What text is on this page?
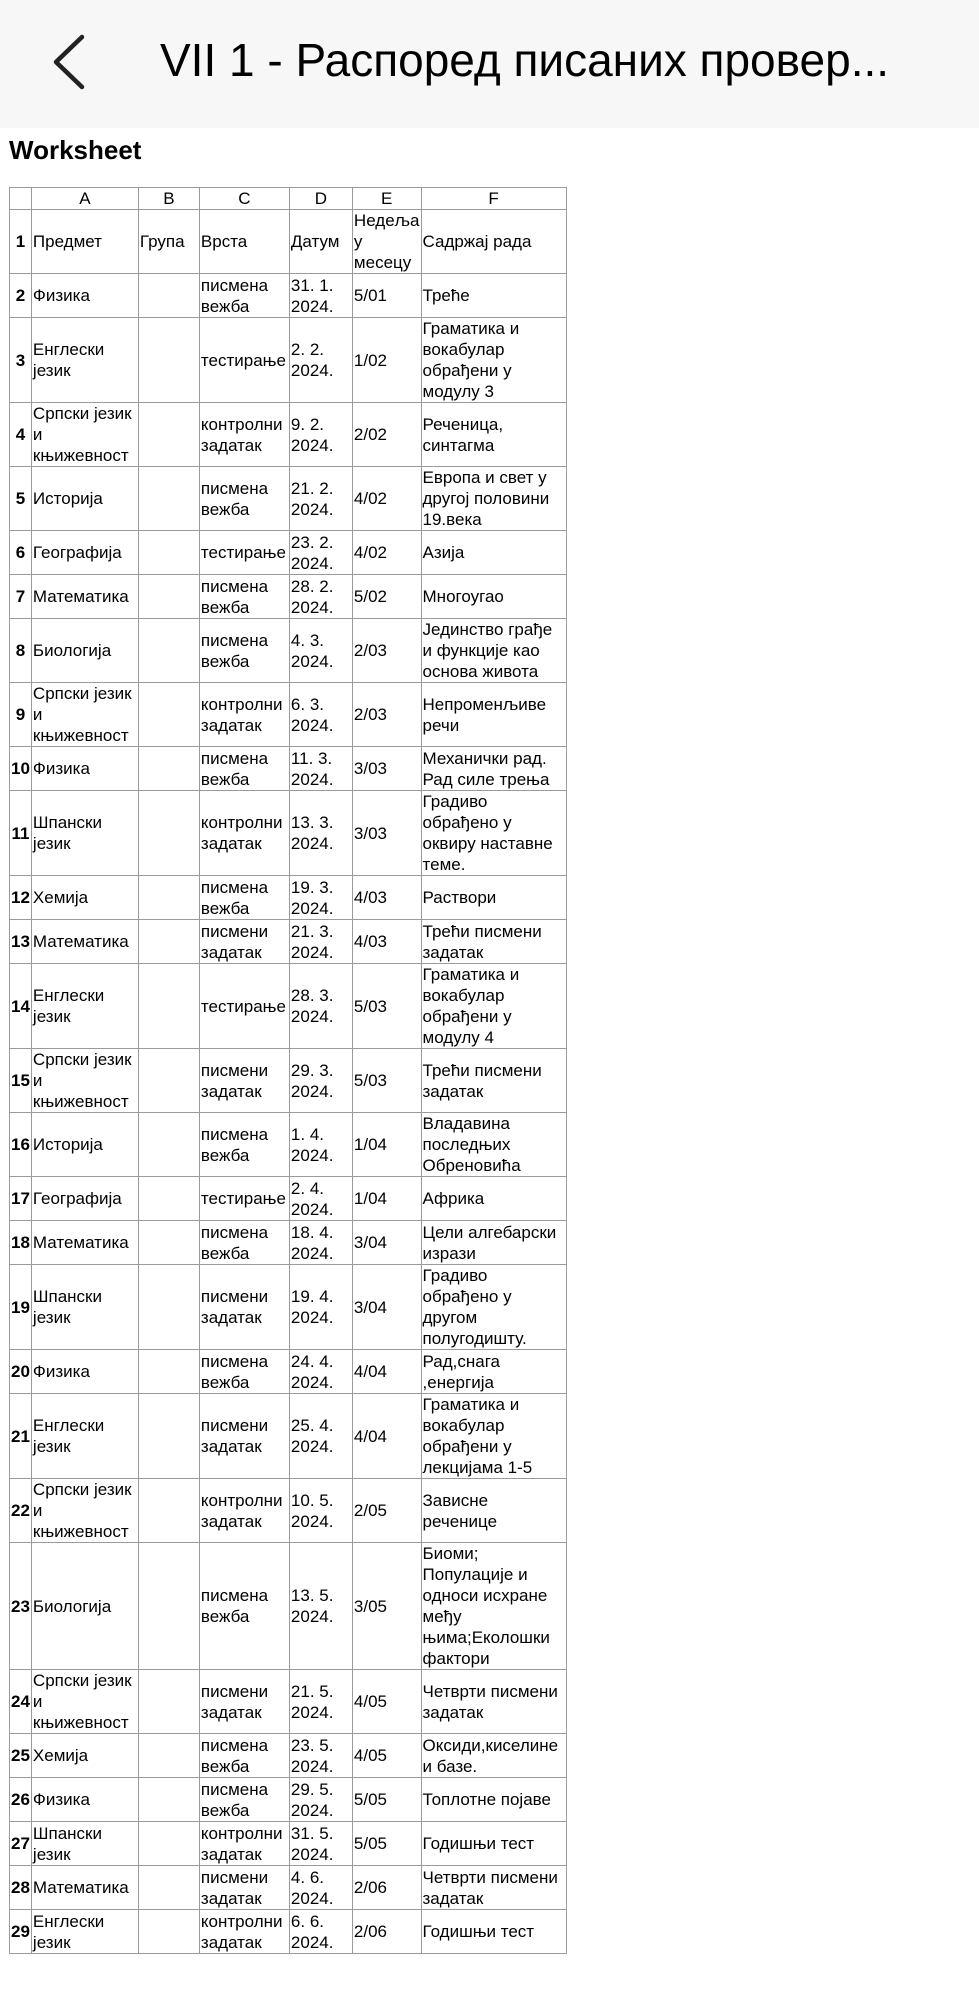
VII 1 - Распоред писаних провер...
Worksheet
	A	B	C	D	E	F
1	Предмет	Група	Врста	Датум	Недеља у месецу	Садржај рада
2	Физика		писмена вежба	31. 1. 2024.	5/01	Треће
3	Енглески језик		тестирање	2. 2. 2024.	1/02	Граматика и вокабулар обрађени у модулу 3
4	Српски језик и књижевност		контролни задатак	9. 2. 2024.	2/02	Реченица, синтагма
5	Историја		писмена вежба	21. 2. 2024.	4/02	Европа и свет у другој половини 19.века
6	Географија		тестирање	23. 2. 2024.	4/02	Азија
7	Математика		писмена вежба	28. 2. 2024.	5/02	Многоугао
8	Биологија		писмена вежба	4. 3. 2024.	2/03	Јединство грађе и функције као основа живота
9	Српски језик и књижевност		контролни задатак	6. 3. 2024.	2/03	Непроменљиве речи
10	Физика		писмена вежба	11. 3. 2024.	3/03	Механички рад. Рад силе трења
11	Шпански језик		контролни задатак	13. 3. 2024.	3/03	Градиво обрађено у оквиру наставне теме.
12	Хемија		писмена вежба	19. 3. 2024.	4/03	Раствори
13	Математика		писмени задатак	21. 3. 2024.	4/03	Трећи писмени задатак
14	Енглески језик		тестирање	28. 3. 2024.	5/03	Граматика и вокабулар обрађени у модулу 4
15	Српски језик и књижевност		писмени задатак	29. 3. 2024.	5/03	Трећи писмени задатак
16	Историја		писмена вежба	1. 4. 2024.	1/04	Владавина последњих Обреновића
17	Географија		тестирање	2. 4. 2024.	1/04	Африка
18	Математика		писмена вежба	18. 4. 2024.	3/04	Цели алгебарски изрази
19	Шпански језик		писмени задатак	19. 4. 2024.	3/04	Градиво обрађено у другом полугодишту.
20	Физика		писмена вежба	24. 4. 2024.	4/04	Рад,снага ,енергија
21	Енглески језик		писмени задатак	25. 4. 2024.	4/04	Граматика и вокабулар обрађени у лекцијама 1-5
22	Српски језик и књижевност		контролни задатак	10. 5. 2024.	2/05	Зависне реченице
23	Биологија		писмена вежба	13. 5. 2024.	3/05	Биоми; Популације и односи исхране међу њима;Еколошки фактори
24	Српски језик и књижевност		писмени задатак	21. 5. 2024.	4/05	Четврти писмени задатак
25	Хемија		писмена вежба	23. 5. 2024.	4/05	Оксиди,киселине и базе.
26	Физика		писмена вежба	29. 5. 2024.	5/05	Топлотне појаве
27	Шпански језик		контролни задатак	31. 5. 2024.	5/05	Годишњи тест
28	Математика		писмени задатак	4. 6. 2024.	2/06	Четврти писмени задатак
29	Енглески језик		контролни задатак	6. 6. 2024.	2/06	Годишњи тест
